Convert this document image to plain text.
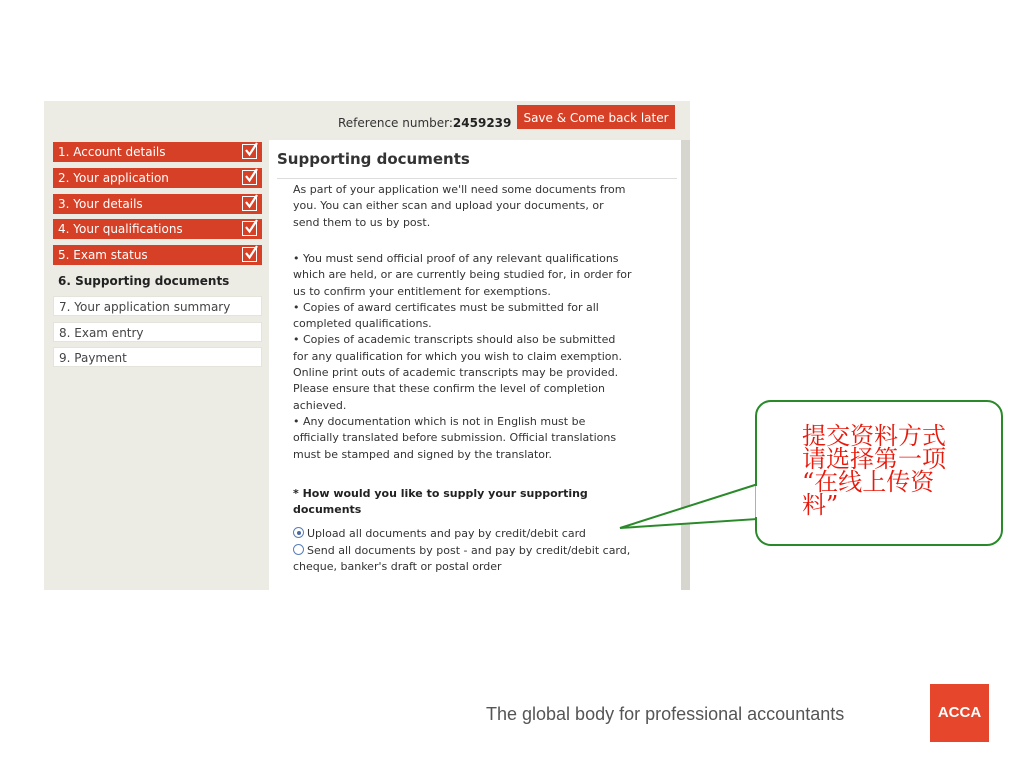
Reference number:2459239	Save & Come back later
1. Account details
2. Your application
3. Your details
4. Your qualifications
5. Exam status
6. Supporting documents
7. Your application summary
8. Exam entry
9. Payment
Supporting documents

As part of your application we'll need some documents from

you. You can either scan and upload your documents, or

send them to us by post.

• You must send official proof of any relevant qualifications

which are held, or are currently being studied for, in order for

us to confirm your entitlement for exemptions.

• Copies of award certificates must be submitted for all

completed qualifications.

• Copies of academic transcripts should also be submitted

for any qualification for which you wish to claim exemption.

Online print outs of academic transcripts may be provided.

Please ensure that these confirm the level of completion

achieved.

• Any documentation which is not in English must be

officially translated before submission. Official translations

must be stamped and signed by the translator.

* How would you like to supply your supporting

documents

Upload all documents and pay by credit/debit card
Send all documents by post - and pay by credit/debit card,
cheque, banker's draft or postal order
提交资料方式
请选择第一项
“在线上传资
料”
The global body for professional accountants	ACCA
